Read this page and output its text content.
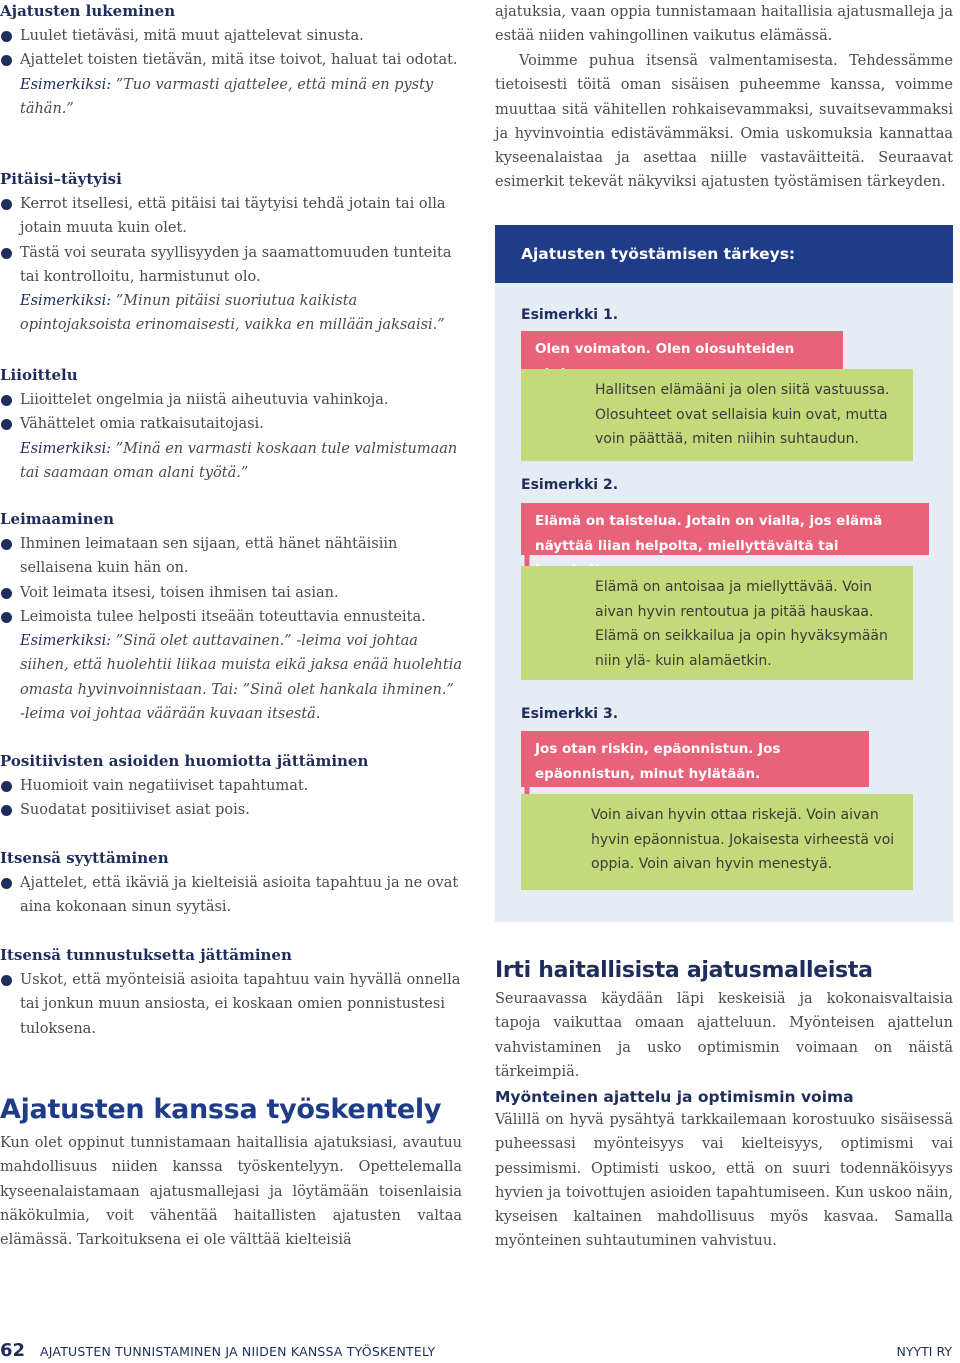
Ajatusten lukeminen

Luulet tietäväsi, mitä muut ajattelevat sinusta.
Ajattelet toisten tietävän, mitä itse toivot, haluat tai odotat.
Esimerkiksi: ”Tuo varmasti ajattelee, että minä en pysty tähän.”

Pitäisi–täytyisi

Kerrot itsellesi, että pitäisi tai täytyisi tehdä jotain tai olla jotain muuta kuin olet.
Tästä voi seurata syyllisyyden ja saamattomuuden tunteita tai kontrolloitu, harmistunut olo.
Esimerkiksi: ”Minun pitäisi suoriutua kaikista opintojaksoista erinomaisesti, vaikka en millään jaksaisi.”

Liioittelu

Liioittelet ongelmia ja niistä aiheutuvia vahinkoja.
Vähättelet omia ratkaisutaitojasi.
Esimerkiksi: ”Minä en varmasti koskaan tule valmistumaan tai saamaan oman alani työtä.”

Leimaaminen

Ihminen leimataan sen sijaan, että hänet nähtäisiin sellaisena kuin hän on.
Voit leimata itsesi, toisen ihmisen tai asian.
Leimoista tulee helposti itseään toteuttavia ennusteita.
Esimerkiksi: ”Sinä olet auttavainen.” -leima voi johtaa siihen, että huolehtii liikaa muista eikä jaksa enää huolehtia omasta hyvinvoinnistaan. Tai: ”Sinä olet hankala ihminen.” -leima voi johtaa väärään kuvaan itsestä.

Positiivisten asioiden huomiotta jättäminen

Huomioit vain negatiiviset tapahtumat.
Suodatat positiiviset asiat pois.

Itsensä syyttäminen

Ajattelet, että ikäviä ja kielteisiä asioita tapahtuu ja ne ovat aina kokonaan sinun syytäsi.

Itsensä tunnustuksetta jättäminen

Uskot, että myönteisiä asioita tapahtuu vain hyvällä onnella tai jonkun muun ansiosta, ei koskaan omien ponnistustesi tuloksena.

Ajatusten kanssa työskentely

Kun olet oppinut tunnistamaan haitallisia ajatuksiasi, avautuu mahdollisuus niiden kanssa työskentelyyn. Opettelemalla kyseenalaistamaan ajatusmallejasi ja löytämään toisenlaisia näkökulmia, voit vähentää haitallisten ajatusten valtaa elämässä. Tarkoituksena ei ole välttää kielteisiä

ajatuksia, vaan oppia tunnistamaan haitallisia ajatusmalleja ja estää niiden vahingollinen vaikutus elämässä.

Voimme puhua itsensä valmentamisesta. Tehdessämme tietoisesti töitä oman sisäisen puheemme kanssa, voimme muuttaa sitä vähitellen rohkaisevammaksi, suvaitsevammaksi ja hyvinvointia edistävämmäksi. Omia uskomuksia kannattaa kyseenalaistaa ja asettaa niille vastaväitteitä. Seuraavat esimerkit tekevät näkyviksi ajatusten työstämisen tärkeyden.

Ajatusten työstämisen tärkeys:
Esimerkki 1.
Olen voimaton. Olen olosuhteiden
Hallitsen elämääni ja olen siitä vastuussa. Olosuhteet ovat sellaisia kuin ovat, mutta voin päättää, miten niihin suhtaudun.
Esimerkki 2.
Elämä on taistelua. Jotain on vialla, jos elämä näyttää liian helpolta, miellyttävältä tai
Elämä on antoisaa ja miellyttävää. Voin aivan hyvin rentoutua ja pitää hauskaa. Elämä on seikkailua ja opin hyväksymään niin ylä- kuin alamäetkin.
Esimerkki 3.
Jos otan riskin, epäonnistun. Jos epäonnistun, minut hylätään.
Voin aivan hyvin ottaa riskejä. Voin aivan hyvin epäonnistua. Jokaisesta virheestä voi oppia. Voin aivan hyvin menestyä.

Irti haitallisista ajatusmalleista

Seuraavassa käydään läpi keskeisiä ja kokonaisvaltaisia tapoja vaikuttaa omaan ajatteluun. Myönteisen ajattelun vahvistaminen ja usko optimismin voimaan on näistä tärkeimpiä.

Myönteinen ajattelu ja optimismin voima

Välillä on hyvä pysähtyä tarkkailemaan korostuuko sisäisessä puheessasi myönteisyys vai kielteisyys, optimismi vai pessimismi. Optimisti uskoo, että on suuri todennäköisyys hyvien ja toivottujen asioiden tapahtumiseen. Kun uskoo näin, kyseisen kaltainen mahdollisuus myös kasvaa. Samalla myönteinen suhtautuminen vahvistuu.

62 AJATUSTEN TUNNISTAMINEN JA NIIDEN KANSSA TYÖSKENTELY	NYYTI RY
